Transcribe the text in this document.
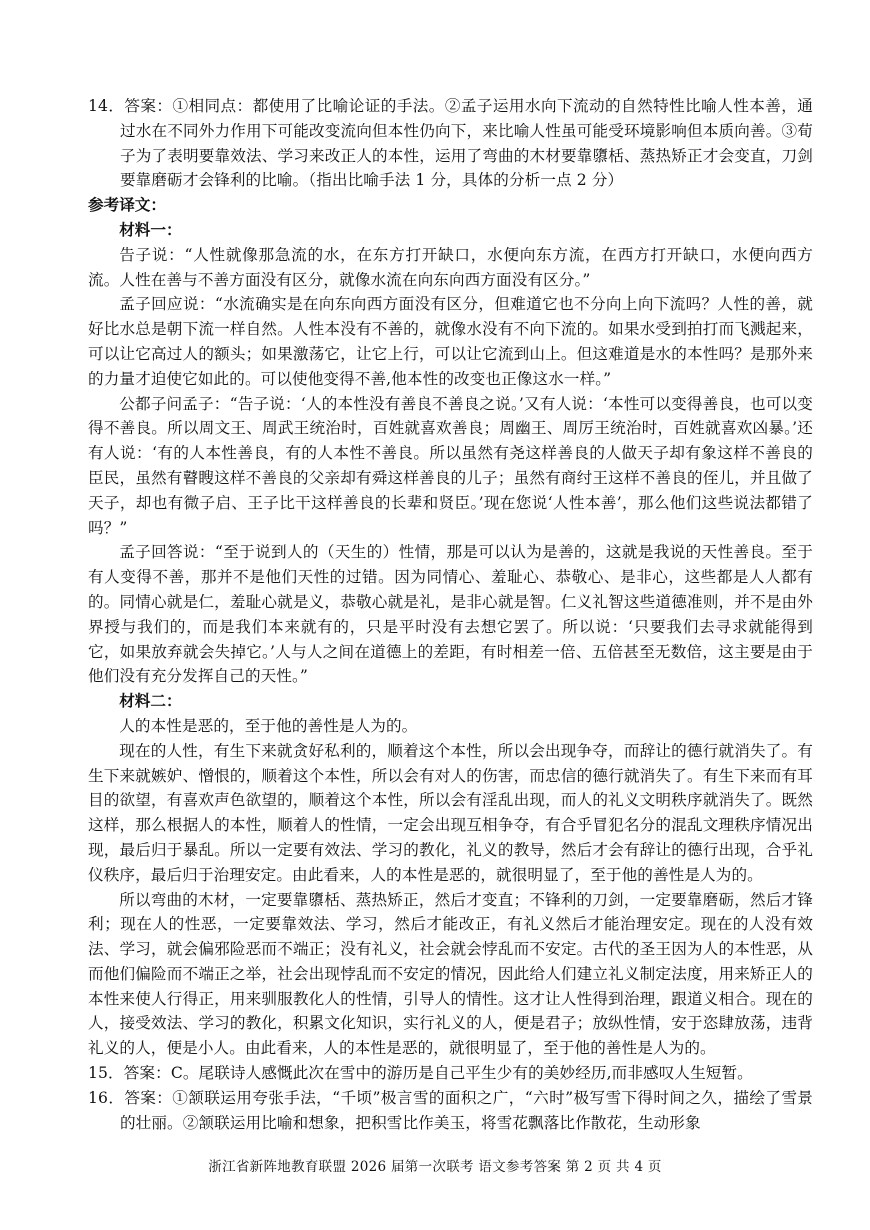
14．答案：①相同点：都使用了比喻论证的手法。②孟子运用水向下流动的自然特性比喻人性本善，通过水在不同外力作用下可能改变流向但本性仍向下，来比喻人性虽可能受环境影响但本质向善。③荀子为了表明要靠效法、学习来改正人的本性，运用了弯曲的木材要靠隳栝、蒸热矫正才会变直，刀剑要靠磨砺才会锋利的比喻。（指出比喻手法 1 分，具体的分析一点 2 分）

参考译文：

材料一：

告子说：“人性就像那急流的水，在东方打开缺口，水便向东方流，在西方打开缺口，水便向西方流。人性在善与不善方面没有区分，就像水流在向东向西方面没有区分。”

孟子回应说：“水流确实是在向东向西方面没有区分，但难道它也不分向上向下流吗？人性的善，就好比水总是朝下流一样自然。人性本没有不善的，就像水没有不向下流的。如果水受到拍打而飞溅起来，可以让它高过人的额头；如果激荡它，让它上行，可以让它流到山上。但这难道是水的本性吗？是那外来的力量才迫使它如此的。可以使他变得不善,他本性的改变也正像这水一样。”

公都子问孟子：“告子说：‘人的本性没有善良不善良之说。’又有人说：‘本性可以变得善良，也可以变得不善良。所以周文王、周武王统治时，百姓就喜欢善良；周幽王、周厉王统治时，百姓就喜欢凶暴。’还有人说：‘有的人本性善良，有的人本性不善良。所以虽然有尧这样善良的人做天子却有象这样不善良的臣民，虽然有瞽瞍这样不善良的父亲却有舜这样善良的儿子；虽然有商纣王这样不善良的侄儿，并且做了天子，却也有微子启、王子比干这样善良的长辈和贤臣。’现在您说‘人性本善’，那么他们这些说法都错了吗？”

孟子回答说：“至于说到人的（天生的）性情，那是可以认为是善的，这就是我说的天性善良。至于有人变得不善，那并不是他们天性的过错。因为同情心、羞耻心、恭敬心、是非心，这些都是人人都有的。同情心就是仁，羞耻心就是义，恭敬心就是礼，是非心就是智。仁义礼智这些道德准则，并不是由外界授与我们的，而是我们本来就有的，只是平时没有去想它罢了。所以说：‘只要我们去寻求就能得到它，如果放弃就会失掉它。’人与人之间在道德上的差距，有时相差一倍、五倍甚至无数倍，这主要是由于他们没有充分发挥自己的天性。”

材料二：

人的本性是恶的，至于他的善性是人为的。

现在的人性，有生下来就贪好私利的，顺着这个本性，所以会出现争夺，而辞让的德行就消失了。有生下来就嫉妒、憎恨的，顺着这个本性，所以会有对人的伤害，而忠信的德行就消失了。有生下来而有耳目的欲望，有喜欢声色欲望的，顺着这个本性，所以会有淫乱出现，而人的礼义文明秩序就消失了。既然这样，那么根据人的本性，顺着人的性情，一定会出现互相争夺，有合乎冒犯名分的混乱文理秩序情况出现，最后归于暴乱。所以一定要有效法、学习的教化，礼义的教导，然后才会有辞让的德行出现，合乎礼仪秩序，最后归于治理安定。由此看来，人的本性是恶的，就很明显了，至于他的善性是人为的。

所以弯曲的木材，一定要靠隳栝、蒸热矫正，然后才变直；不锋利的刀剑，一定要靠磨砺，然后才锋利；现在人的性恶，一定要靠效法、学习，然后才能改正，有礼义然后才能治理安定。现在的人没有效法、学习，就会偏邪险恶而不端正；没有礼义，社会就会悖乱而不安定。古代的圣王因为人的本性恶，从而他们偏险而不端正之举，社会出现悖乱而不安定的情况，因此给人们建立礼义制定法度，用来矫正人的本性来使人行得正，用来驯服教化人的性情，引导人的情性。这才让人性得到治理，跟道义相合。现在的人，接受效法、学习的教化，积累文化知识，实行礼义的人，便是君子；放纵性情，安于恣肆放荡，违背礼义的人，便是小人。由此看来，人的本性是恶的，就很明显了，至于他的善性是人为的。

15．答案：C。尾联诗人感慨此次在雪中的游历是自己平生少有的美妙经历,而非感叹人生短暂。

16．答案：①颔联运用夸张手法，“千顷”极言雪的面积之广，“六时”极写雪下得时间之久，描绘了雪景的壮丽。②颔联运用比喻和想象，把积雪比作美玉，将雪花飘落比作散花，生动形象

浙江省新阵地教育联盟 2026 届第一次联考 语文参考答案 第 2 页 共 4 页
